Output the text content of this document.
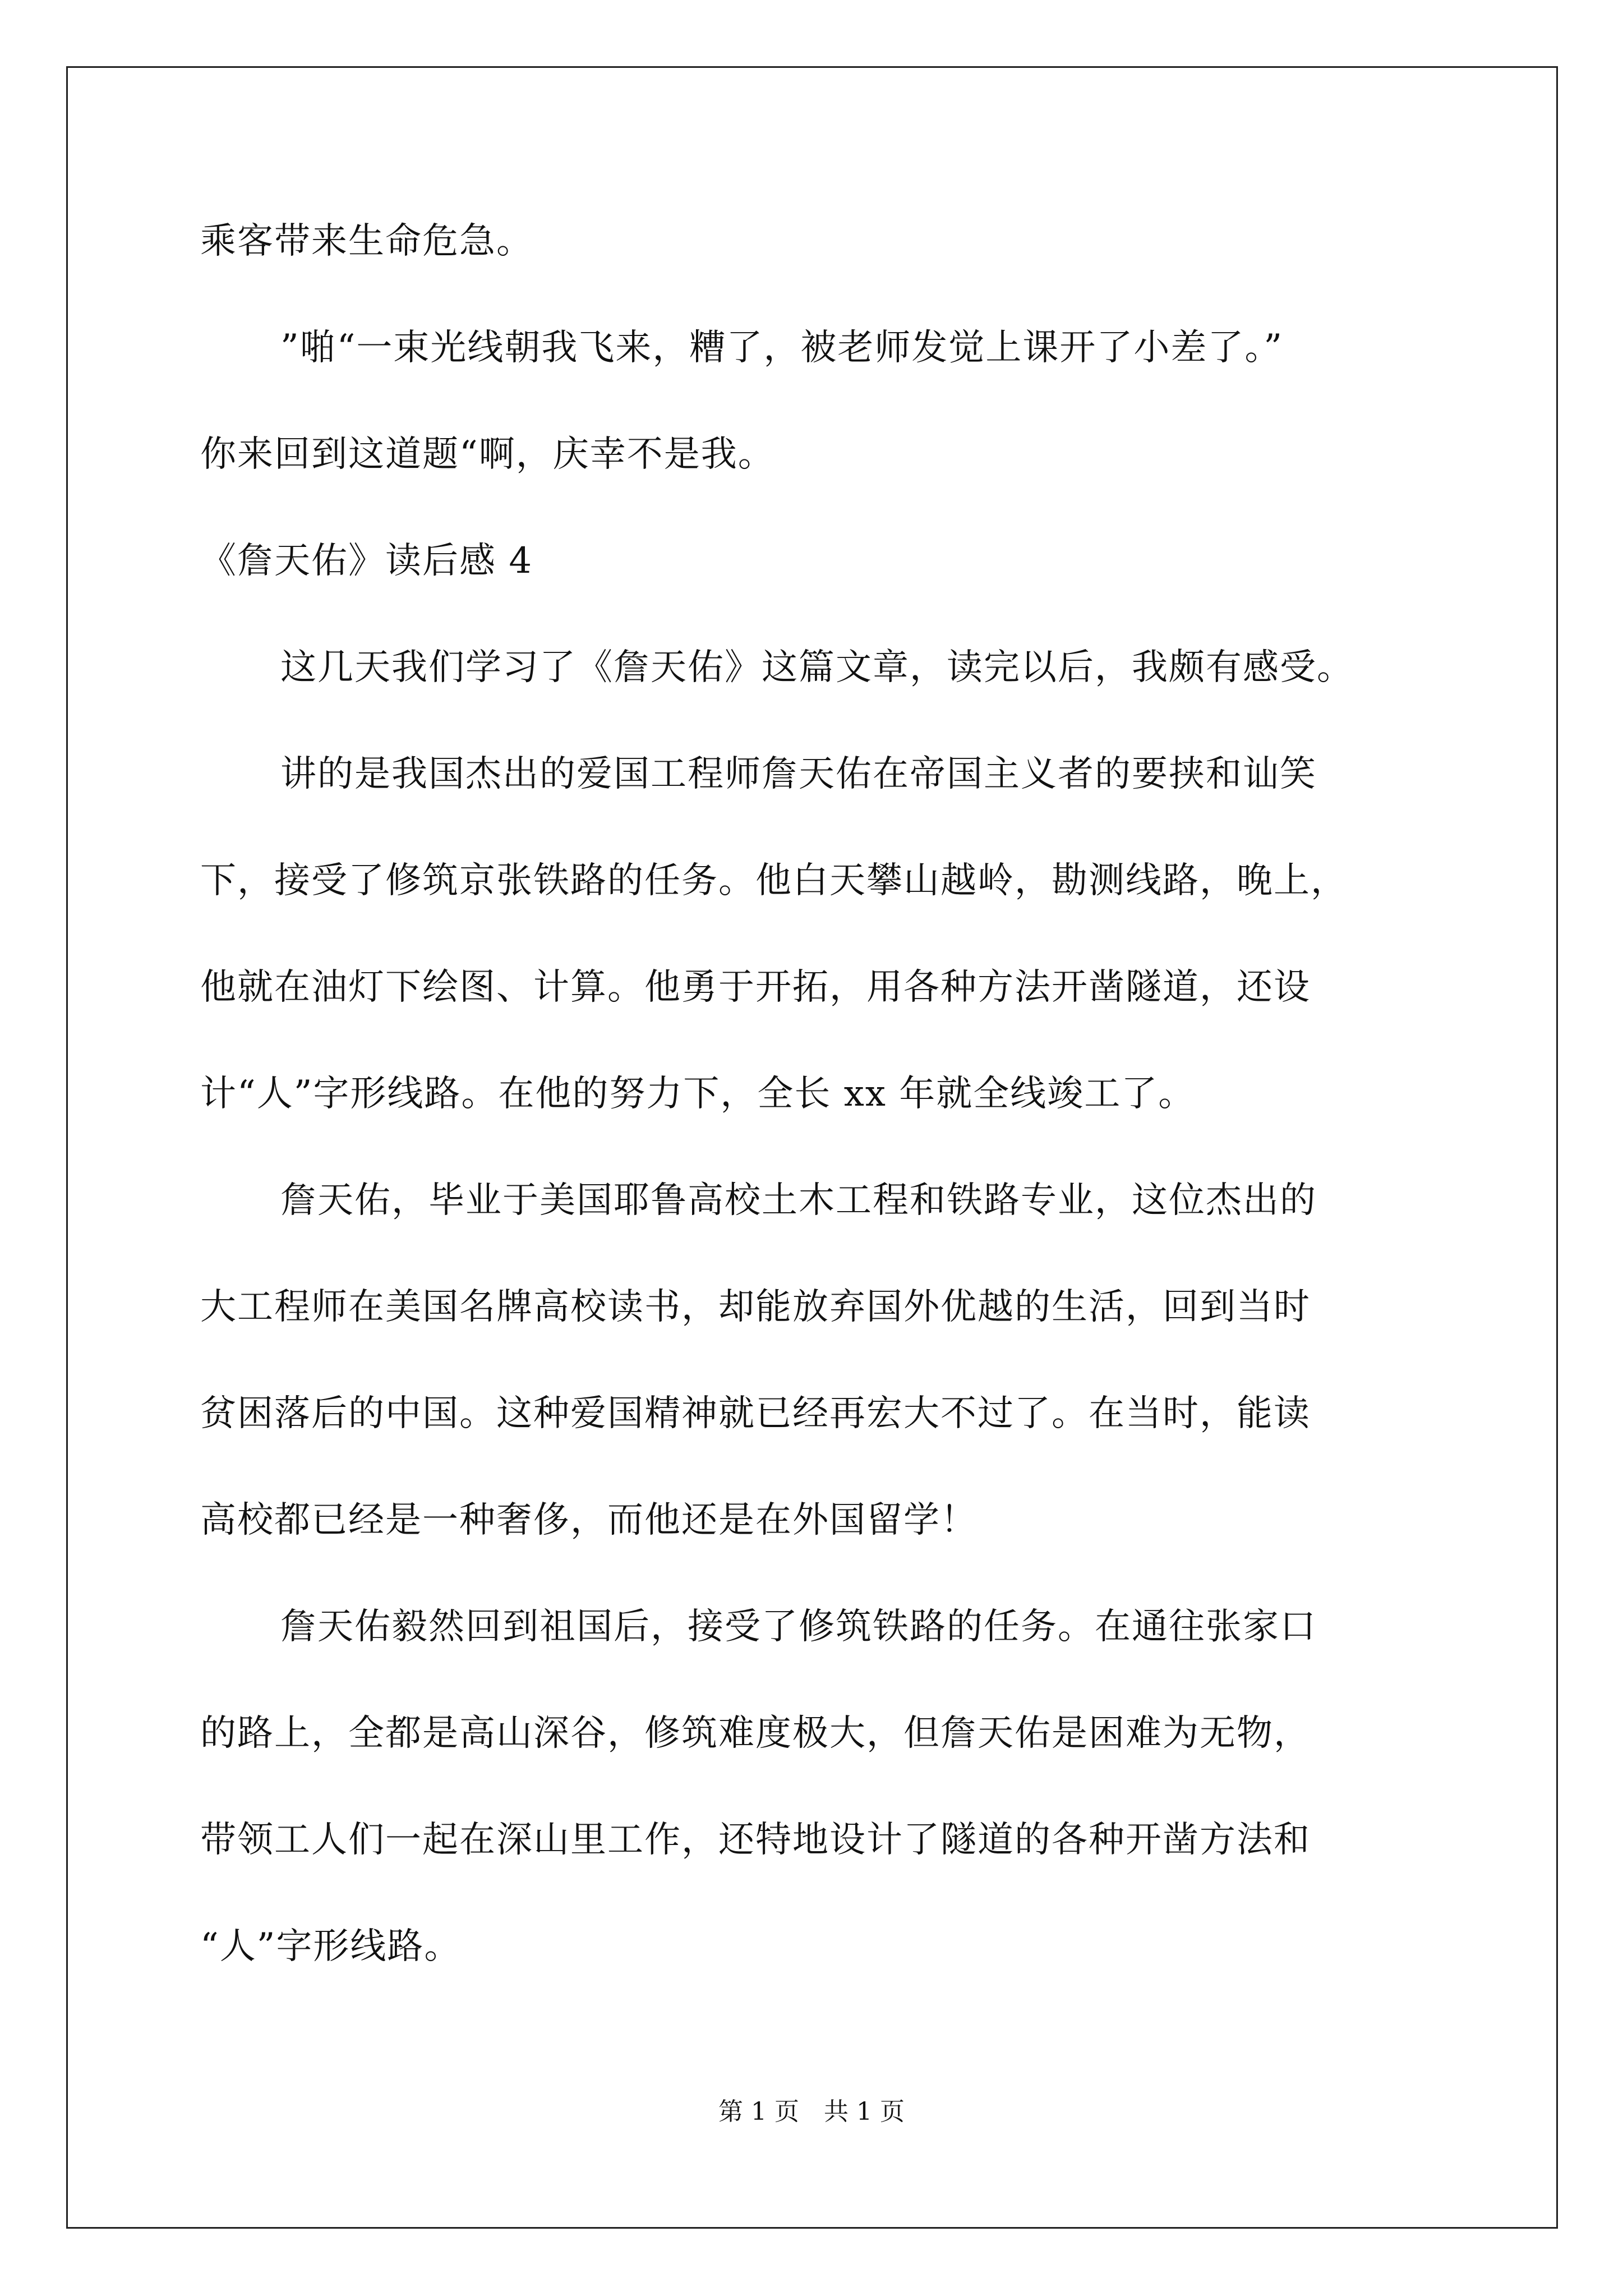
乘客带来生命危急。
”啪“一束光线朝我飞来，糟了，被老师发觉上课开了小差了。”
你来回到这道题“啊，庆幸不是我。
《詹天佑》读后感 4
这几天我们学习了《詹天佑》这篇文章，读完以后，我颇有感受。
讲的是我国杰出的爱国工程师詹天佑在帝国主义者的要挟和讪笑
下，接受了修筑京张铁路的任务。他白天攀山越岭，勘测线路，晚上，
他就在油灯下绘图、计算。他勇于开拓，用各种方法开凿隧道，还设
计“人”字形线路。在他的努力下，全长 xx 年就全线竣工了。
詹天佑，毕业于美国耶鲁高校土木工程和铁路专业，这位杰出的
大工程师在美国名牌高校读书，却能放弃国外优越的生活，回到当时
贫困落后的中国。这种爱国精神就已经再宏大不过了。在当时，能读
高校都已经是一种奢侈，而他还是在外国留学！
詹天佑毅然回到祖国后，接受了修筑铁路的任务。在通往张家口
的路上，全都是高山深谷，修筑难度极大，但詹天佑是困难为无物，
带领工人们一起在深山里工作，还特地设计了隧道的各种开凿方法和
“人”字形线路。
第 1 页　共 1 页
